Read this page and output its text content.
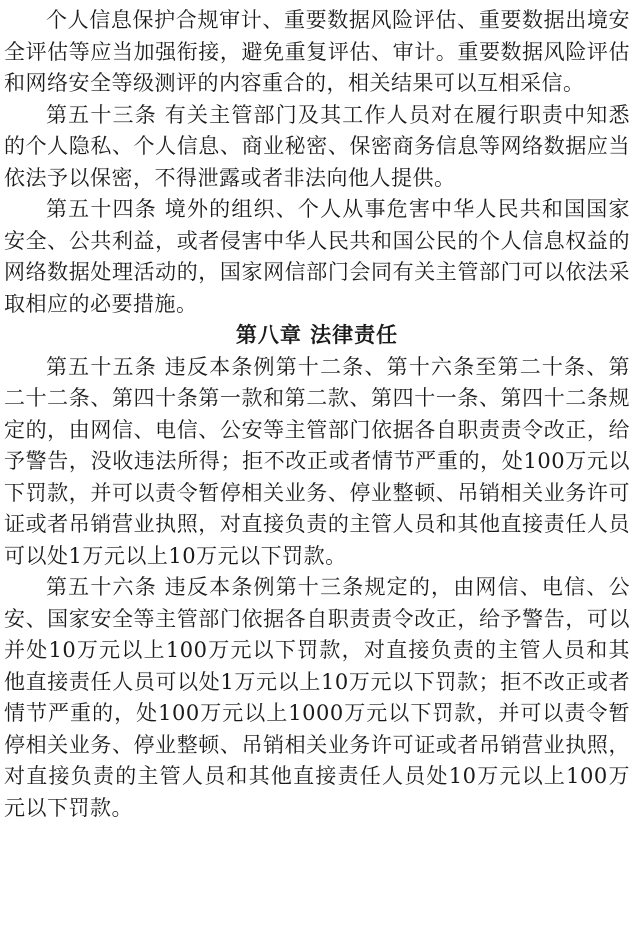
个人信息保护合规审计、重要数据风险评估、重要数据出境安全评估等应当加强衔接，避免重复评估、审计。重要数据风险评估和网络安全等级测评的内容重合的，相关结果可以互相采信。

第五十三条 有关主管部门及其工作人员对在履行职责中知悉的个人隐私、个人信息、商业秘密、保密商务信息等网络数据应当依法予以保密，不得泄露或者非法向他人提供。

第五十四条 境外的组织、个人从事危害中华人民共和国国家安全、公共利益，或者侵害中华人民共和国公民的个人信息权益的网络数据处理活动的，国家网信部门会同有关主管部门可以依法采取相应的必要措施。

第八章 法律责任

第五十五条 违反本条例第十二条、第十六条至第二十条、第二十二条、第四十条第一款和第二款、第四十一条、第四十二条规定的，由网信、电信、公安等主管部门依据各自职责责令改正，给予警告，没收违法所得；拒不改正或者情节严重的，处100万元以下罚款，并可以责令暂停相关业务、停业整顿、吊销相关业务许可证或者吊销营业执照，对直接负责的主管人员和其他直接责任人员可以处1万元以上10万元以下罚款。

第五十六条 违反本条例第十三条规定的，由网信、电信、公安、国家安全等主管部门依据各自职责责令改正，给予警告，可以并处10万元以上100万元以下罚款，对直接负责的主管人员和其他直接责任人员可以处1万元以上10万元以下罚款；拒不改正或者情节严重的，处100万元以上1000万元以下罚款，并可以责令暂停相关业务、停业整顿、吊销相关业务许可证或者吊销营业执照，对直接负责的主管人员和其他直接责任人员处10万元以上100万元以下罚款。
